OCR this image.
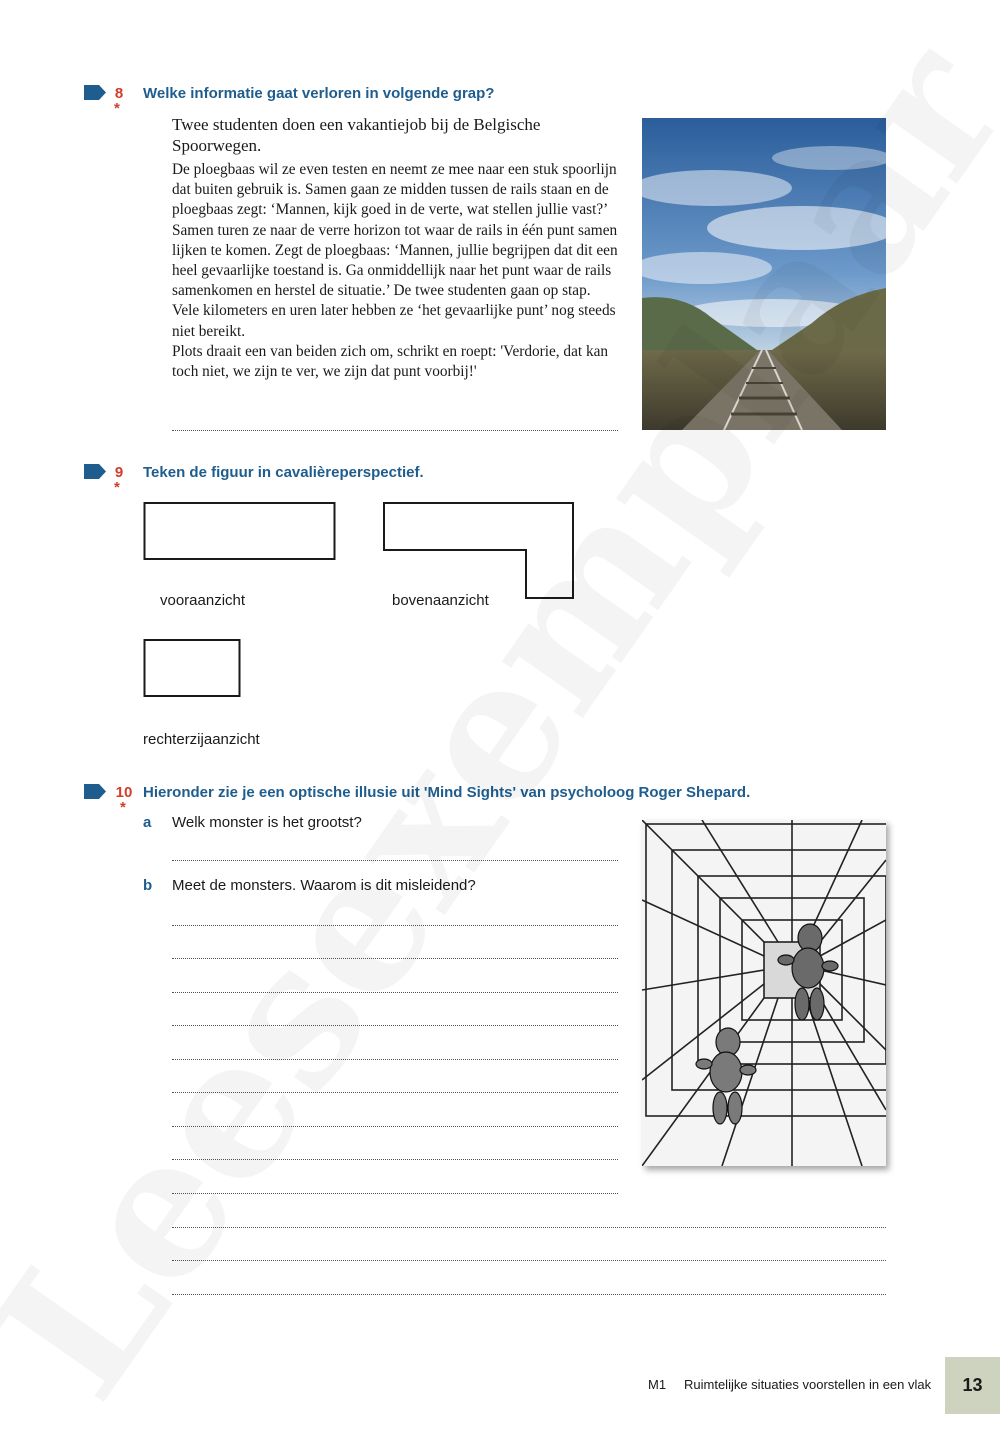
8
*
Welke informatie gaat verloren in volgende grap?

Twee studenten doen een vakantiejob bij de Belgische Spoorwegen.

De ploegbaas wil ze even testen en neemt ze mee naar een stuk spoorlijn dat buiten gebruik is. Samen gaan ze midden tussen de rails staan en de ploegbaas zegt: ‘Mannen, kijk goed in de verte, wat stellen jullie vast?’ Samen turen ze naar de verre horizon tot waar de rails in één punt samen lijken te komen. Zegt de ploegbaas: ‘Mannen, jullie begrijpen dat dit een heel gevaarlijke toestand is. Ga onmiddellijk naar het punt waar de rails samenkomen en herstel de situatie.’ De twee studenten gaan op stap. Vele kilometers en uren later hebben ze ‘het gevaarlijke punt’ nog steeds niet bereikt.

Plots draait een van beiden zich om, schrikt en roept: 'Verdorie, dat kan toch niet, we zijn te ver, we zijn dat punt voorbij!'

9
*
Teken de figuur in cavalièreperspectief.
vooraanzicht	bovenaanzicht
rechterzijaanzicht
10
*
Hieronder zie je een optische illusie uit 'Mind Sights' van psycholoog Roger Shepard.
a Welk monster is het grootst?
b Meet de monsters. Waarom is dit misleidend?
M1 Ruimtelijke situaties voorstellen in een vlak 13
